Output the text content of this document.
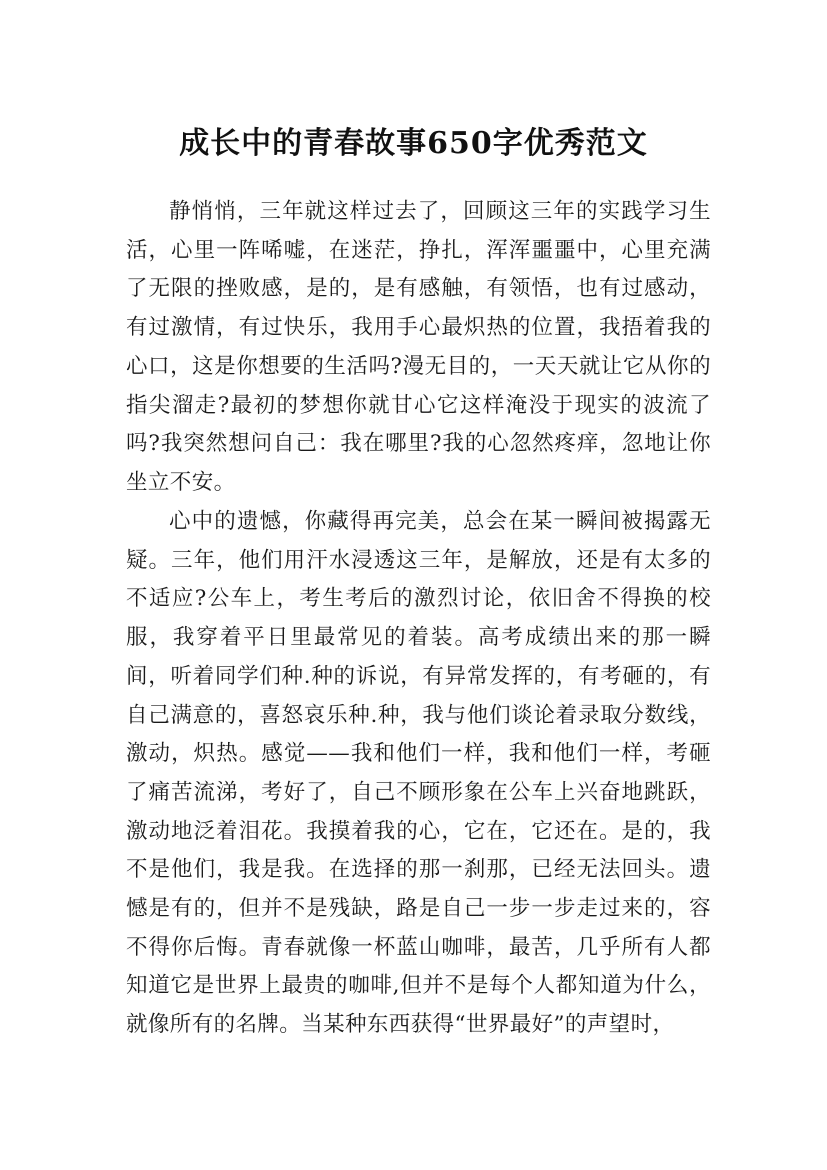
成长中的青春故事650字优秀范文

静悄悄，三年就这样过去了，回顾这三年的实践学习生活，心里一阵唏嘘，在迷茫，挣扎，浑浑噩噩中，心里充满了无限的挫败感，是的，是有感触，有领悟，也有过感动，有过激情，有过快乐，我用手心最炽热的位置，我捂着我的心口，这是你想要的生活吗?漫无目的，一天天就让它从你的指尖溜走?最初的梦想你就甘心它这样淹没于现实的波流了吗?我突然想问自己：我在哪里?我的心忽然疼痒，忽地让你坐立不安。

心中的遗憾，你藏得再完美，总会在某一瞬间被揭露无疑。三年，他们用汗水浸透这三年，是解放，还是有太多的不适应?公车上，考生考后的激烈讨论，依旧舍不得换的校服，我穿着平日里最常见的着装。高考成绩出来的那一瞬间，听着同学们种.种的诉说，有异常发挥的，有考砸的，有自己满意的，喜怒哀乐种.种，我与他们谈论着录取分数线，激动，炽热。感觉——我和他们一样，我和他们一样，考砸了痛苦流涕，考好了，自己不顾形象在公车上兴奋地跳跃，激动地泛着泪花。我摸着我的心，它在，它还在。是的，我不是他们，我是我。在选择的那一刹那，已经无法回头。遗憾是有的，但并不是残缺，路是自己一步一步走过来的，容不得你后悔。青春就像一杯蓝山咖啡，最苦，几乎所有人都知道它是世界上最贵的咖啡,但并不是每个人都知道为什么，就像所有的名牌。当某种东西获得“世界最好”的声望时，
